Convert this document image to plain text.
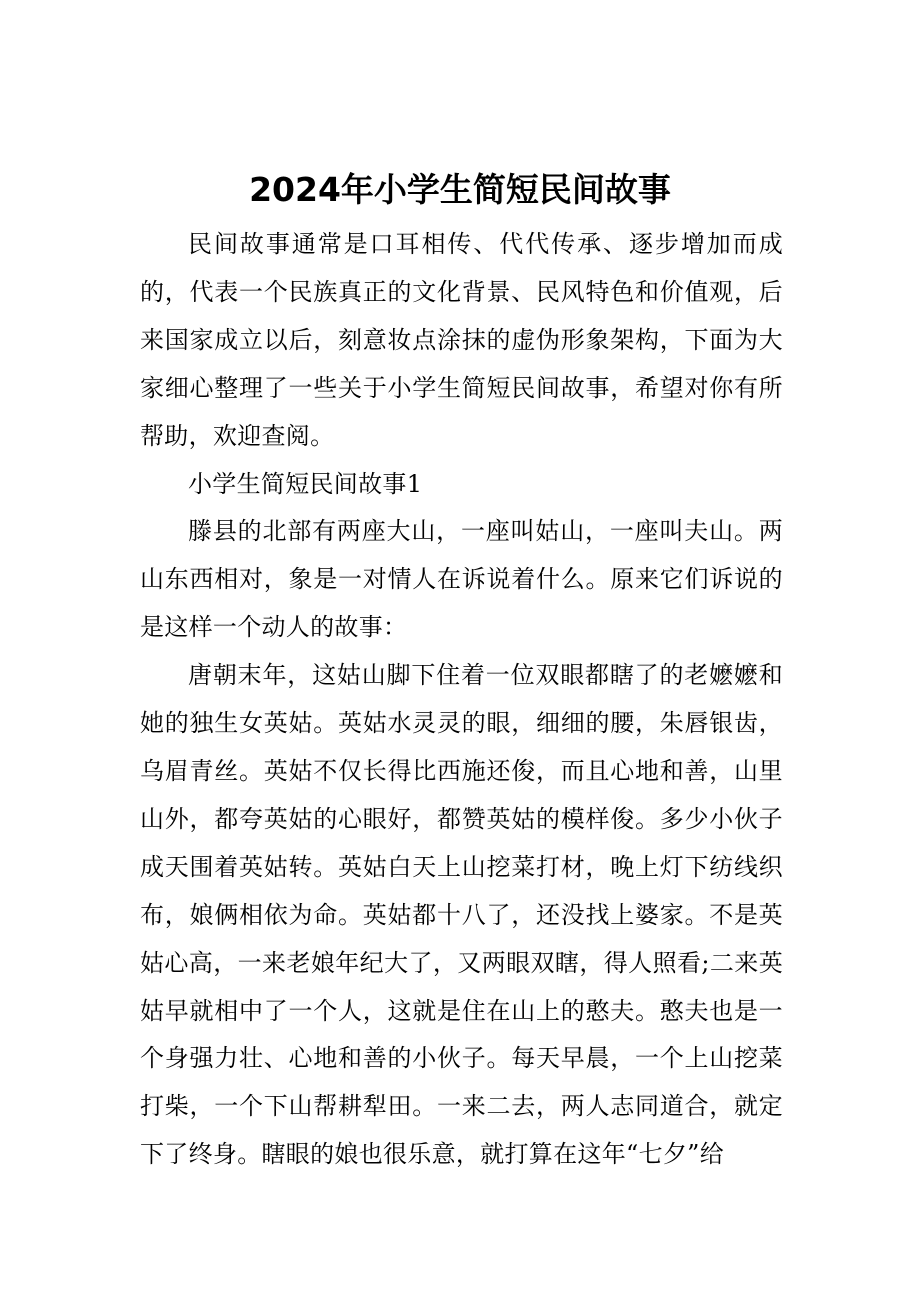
2024年小学生简短民间故事

民间故事通常是口耳相传、代代传承、逐步增加而成的，代表一个民族真正的文化背景、民风特色和价值观，后来国家成立以后，刻意妆点涂抹的虚伪形象架构，下面为大家细心整理了一些关于小学生简短民间故事，希望对你有所帮助，欢迎查阅。

小学生简短民间故事1

滕县的北部有两座大山，一座叫姑山，一座叫夫山。两山东西相对，象是一对情人在诉说着什么。原来它们诉说的是这样一个动人的故事：

唐朝末年，这姑山脚下住着一位双眼都瞎了的老嬷嬷和她的独生女英姑。英姑水灵灵的眼，细细的腰，朱唇银齿，乌眉青丝。英姑不仅长得比西施还俊，而且心地和善，山里山外，都夸英姑的心眼好，都赞英姑的模样俊。多少小伙子成天围着英姑转。英姑白天上山挖菜打材，晚上灯下纺线织布，娘俩相依为命。英姑都十八了，还没找上婆家。不是英姑心高，一来老娘年纪大了，又两眼双瞎，得人照看;二来英姑早就相中了一个人，这就是住在山上的憨夫。憨夫也是一个身强力壮、心地和善的小伙子。每天早晨，一个上山挖菜打柴，一个下山帮耕犁田。一来二去，两人志同道合，就定下了终身。瞎眼的娘也很乐意，就打算在这年“七夕”给
